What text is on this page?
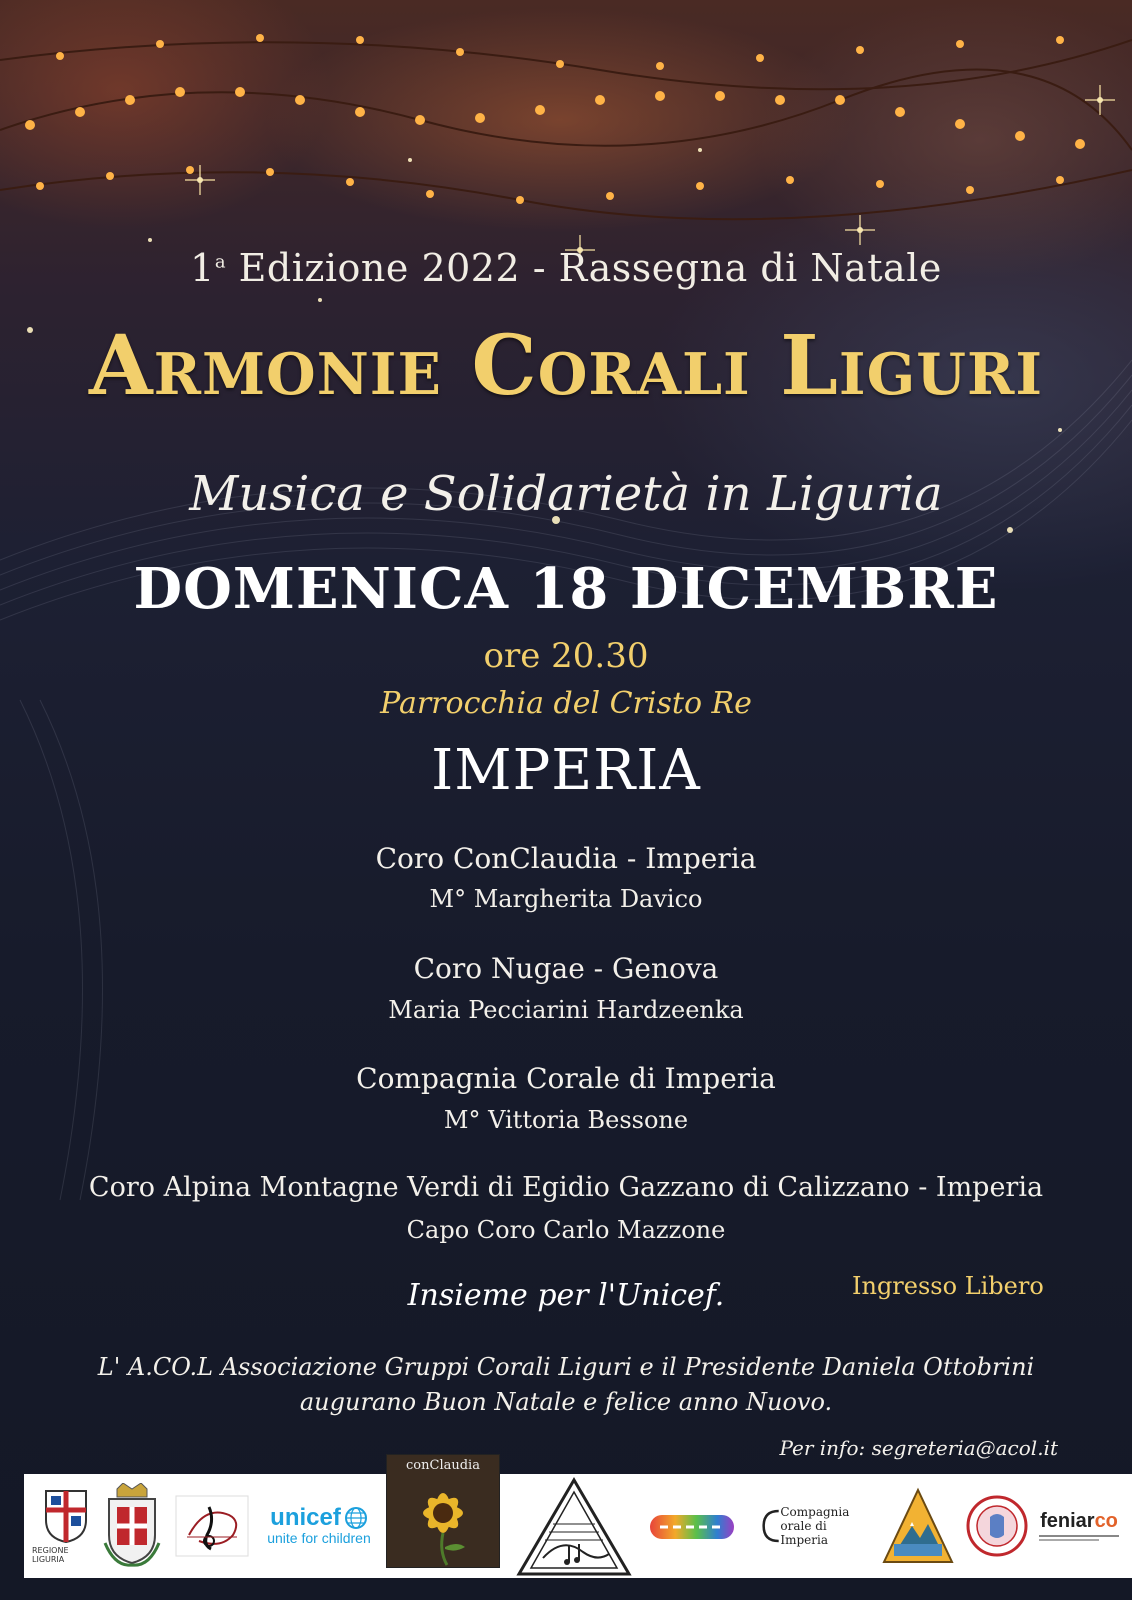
1$^a$ Edizione 2022 - Rassegna di Natale

Armonie Corali Liguri

Musica e Solidarietà in Liguria

DOMENICA 18 DICEMBRE

ore 20.30

Parrocchia del Cristo Re

IMPERIA

Coro ConClaudia - Imperia

M° Margherita Davico

Coro Nugae - Genova

Maria Pecciarini Hardzeenka

Compagnia Corale di Imperia

M° Vittoria Bessone

Coro Alpina Montagne Verdi di Egidio Gazzano di Calizzano - Imperia

Capo Coro Carlo Mazzone

Insieme per l'Unicef.	Ingresso Libero

L' A.CO.L Associazione Gruppi Corali Liguri e il Presidente Daniela Ottobrini

augurano Buon Natale e felice anno Nuovo.

Per info: segreteria@acol.it

REGIONE LIGURIA
unicef
unite for children
Compagnia
orale di Imperia
feniarco
conClaudia
